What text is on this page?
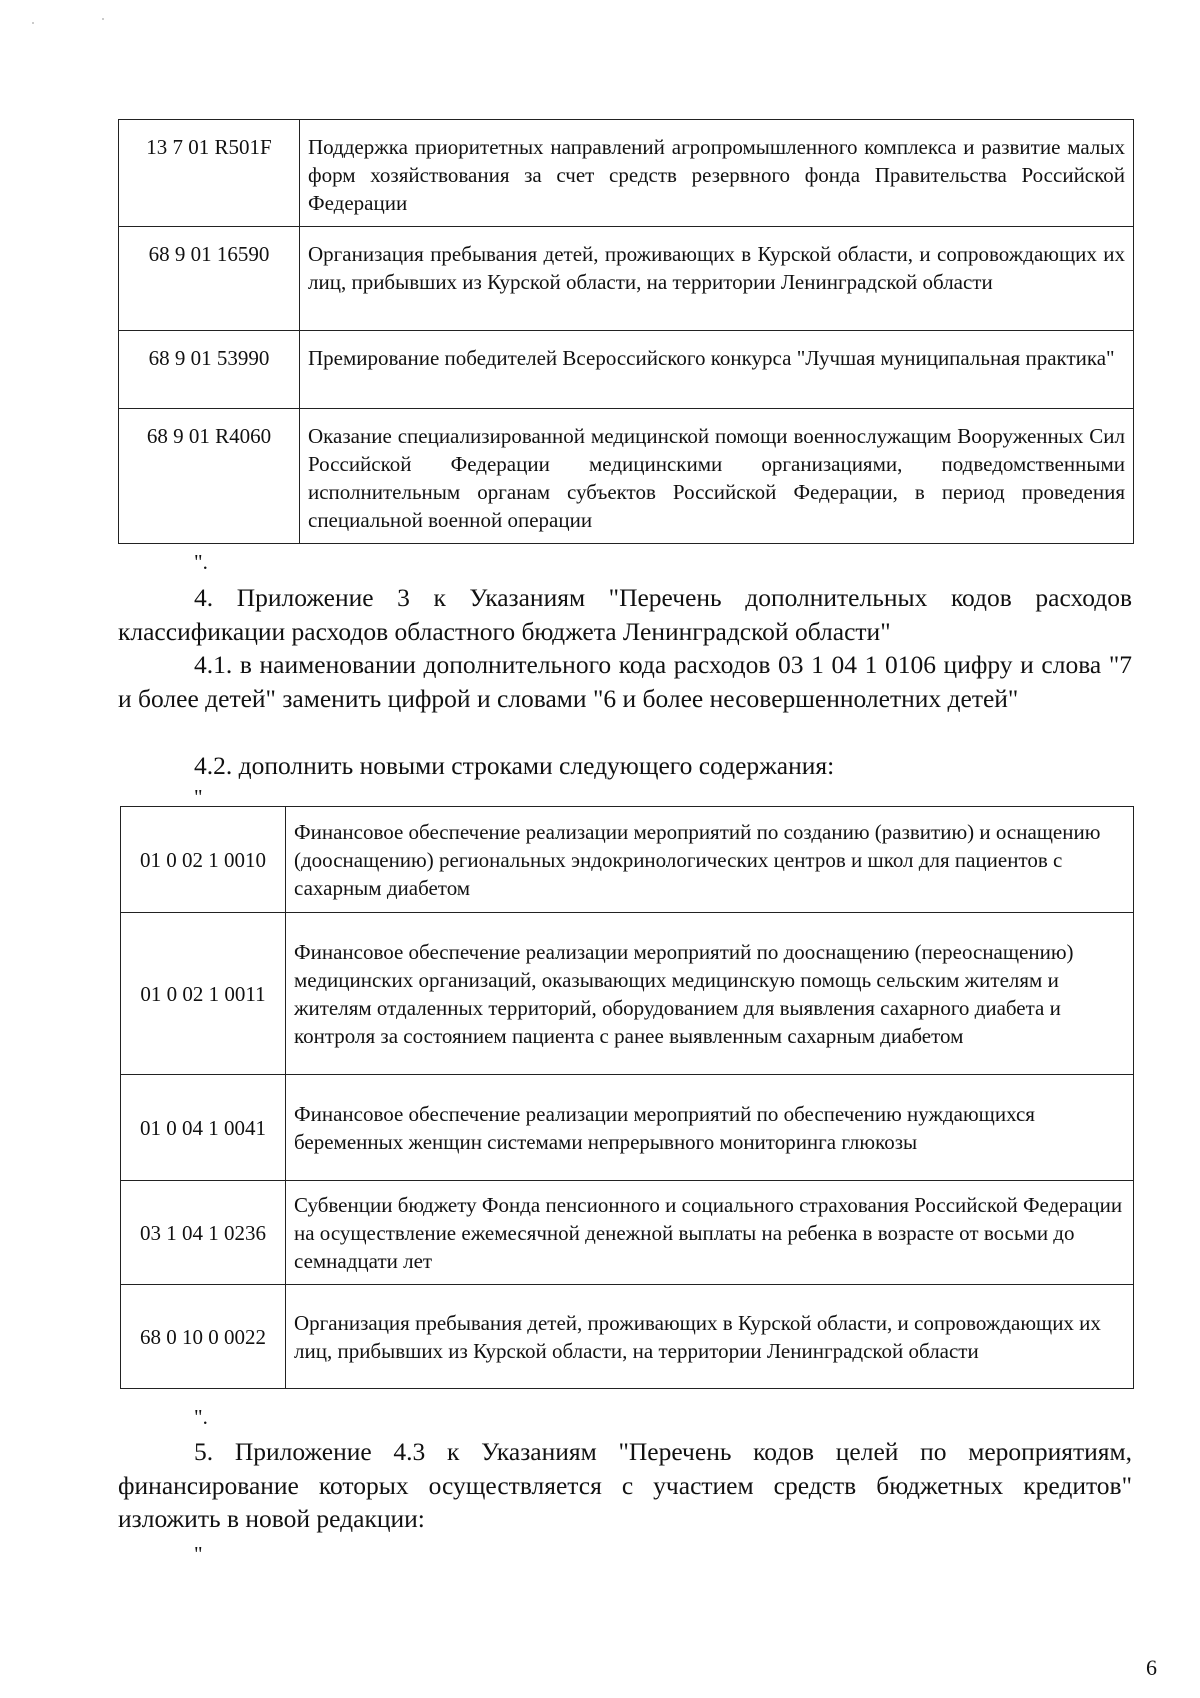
13 7 01 R501F	Поддержка приоритетных направлений агропромышленного комплекса и развитие малых форм хозяйствования за счет средств резервного фонда Правительства Российской Федерации
68 9 01 16590	Организация пребывания детей, проживающих в Курской области, и сопровождающих их лиц, прибывших из Курской области, на территории Ленинградской области
68 9 01 53990	Премирование победителей Всероссийского конкурса "Лучшая муниципальная практика"
68 9 01 R4060	Оказание специализированной медицинской помощи военнослужащим Вооруженных Сил Российской Федерации медицинскими организациями, подведомственными исполнительным органам субъектов Российской Федерации, в период проведения специальной военной операции
".

4. Приложение 3 к Указаниям "Перечень дополнительных кодов расходов классификации расходов областного бюджета Ленинградской области"

4.1. в наименовании дополнительного кода расходов 03 1 04 1 0106 цифру и слова "7 и более детей" заменить цифрой и словами "6 и более несовершеннолетних детей"

4.2. дополнить новыми строками следующего содержания:

"
01 0 02 1 0010	Финансовое обеспечение реализации мероприятий по созданию (развитию) и оснащению (дооснащению) региональных эндокринологических центров и школ для пациентов с сахарным диабетом
01 0 02 1 0011	Финансовое обеспечение реализации мероприятий по дооснащению (переоснащению) медицинских организаций, оказывающих медицинскую помощь сельским жителям и жителям отдаленных территорий, оборудованием для выявления сахарного диабета и контроля за состоянием пациента с ранее выявленным сахарным диабетом
01 0 04 1 0041	Финансовое обеспечение реализации мероприятий по обеспечению нуждающихся беременных женщин системами непрерывного мониторинга глюкозы
03 1 04 1 0236	Субвенции бюджету Фонда пенсионного и социального страхования Российской Федерации на осуществление ежемесячной денежной выплаты на ребенка в возрасте от восьми до семнадцати лет
68 0 10 0 0022	Организация пребывания детей, проживающих в Курской области, и сопровождающих их лиц, прибывших из Курской области, на территории Ленинградской области
".

5. Приложение 4.3 к Указаниям "Перечень кодов целей по мероприятиям, финансирование которых осуществляется с участием средств бюджетных кредитов" изложить в новой редакции:

"
6
